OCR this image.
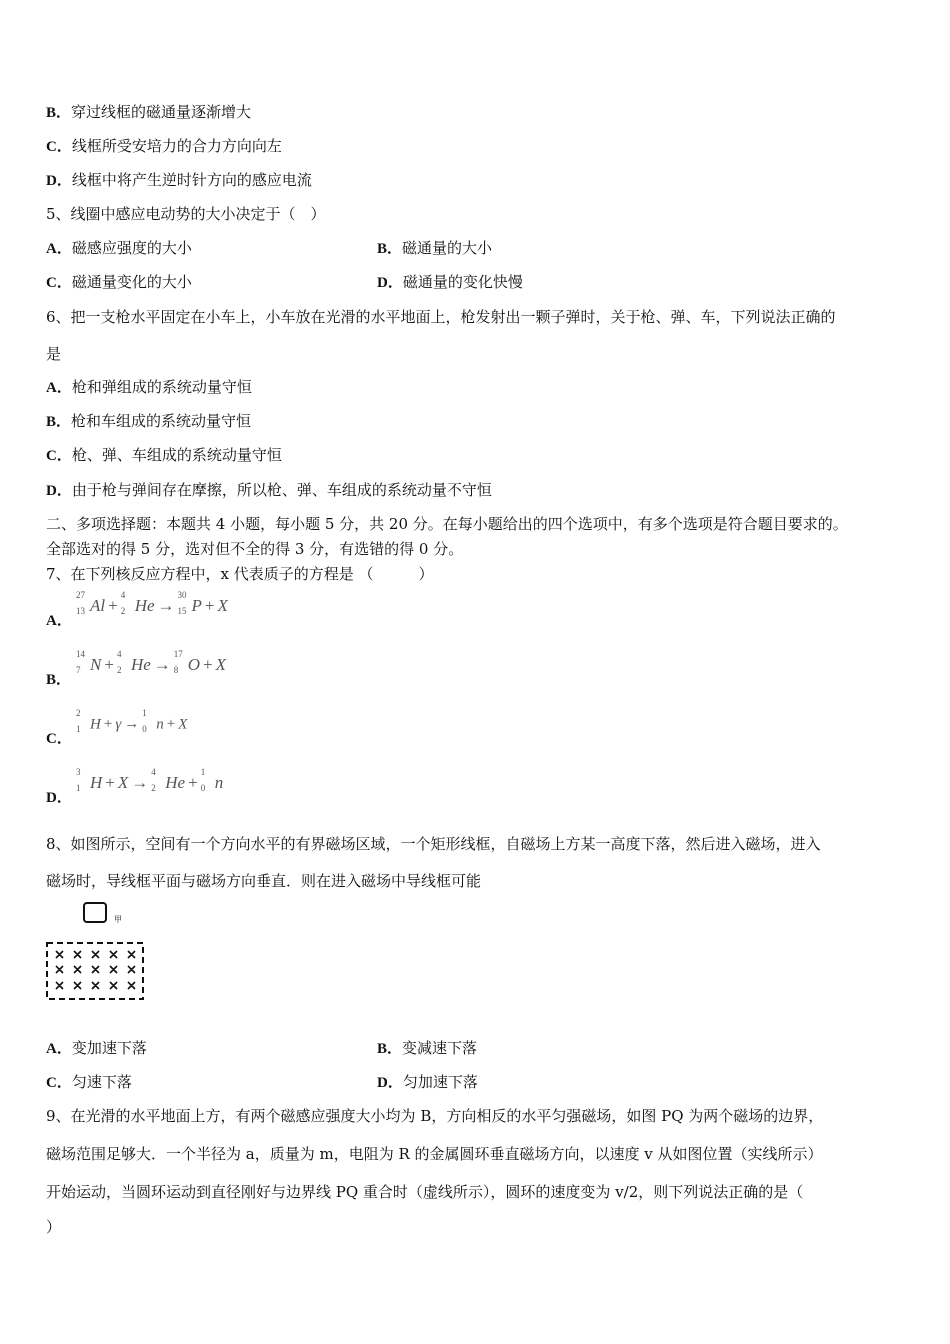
B．穿过线框的磁通量逐渐增大
C．线框所受安培力的合力方向向左
D．线框中将产生逆时针方向的感应电流
5、线圈中感应电动势的大小决定于（　）
A．磁感应强度的大小	B．磁通量的大小
C．磁通量变化的大小	D．磁通量的变化快慢
6、把一支枪水平固定在小车上，小车放在光滑的水平地面上，枪发射出一颗子弹时，关于枪、弹、车，下列说法正确的
是
A．枪和弹组成的系统动量守恒
B．枪和车组成的系统动量守恒
C．枪、弹、车组成的系统动量守恒
D．由于枪与弹间存在摩擦，所以枪、弹、车组成的系统动量不守恒
二、多项选择题：本题共 4 小题，每小题 5 分，共 20 分。在每小题给出的四个选项中，有多个选项是符合题目要求的。
全部选对的得 5 分，选对但不全的得 3 分，有选错的得 0 分。
7、在下列核反应方程中，x 代表质子的方程是 （　　　）
A．
27
13 Al +
4
2 He →
30
15 P + X
B．
14
7 N +
4
2 He →
17
8 O + X
C．
2
1 H + γ →
1
0 n + X
D．
3
1 H + X →
4
2 He +
1
0 n
8、如图所示，空间有一个方向水平的有界磁场区域，一个矩形线框，自磁场上方某一高度下落，然后进入磁场，进入
磁场时，导线框平面与磁场方向垂直．则在进入磁场中导线框可能
甲
A．变加速下落	B．变减速下落
C．匀速下落	D．匀加速下落
9、在光滑的水平地面上方，有两个磁感应强度大小均为 B，方向相反的水平匀强磁场，如图 PQ 为两个磁场的边界，
磁场范围足够大．一个半径为 a，质量为 m，电阻为 R 的金属圆环垂直磁场方向，以速度 v 从如图位置（实线所示）
开始运动，当圆环运动到直径刚好与边界线 PQ 重合时（虚线所示），圆环的速度变为 v/2，则下列说法正确的是（
）
